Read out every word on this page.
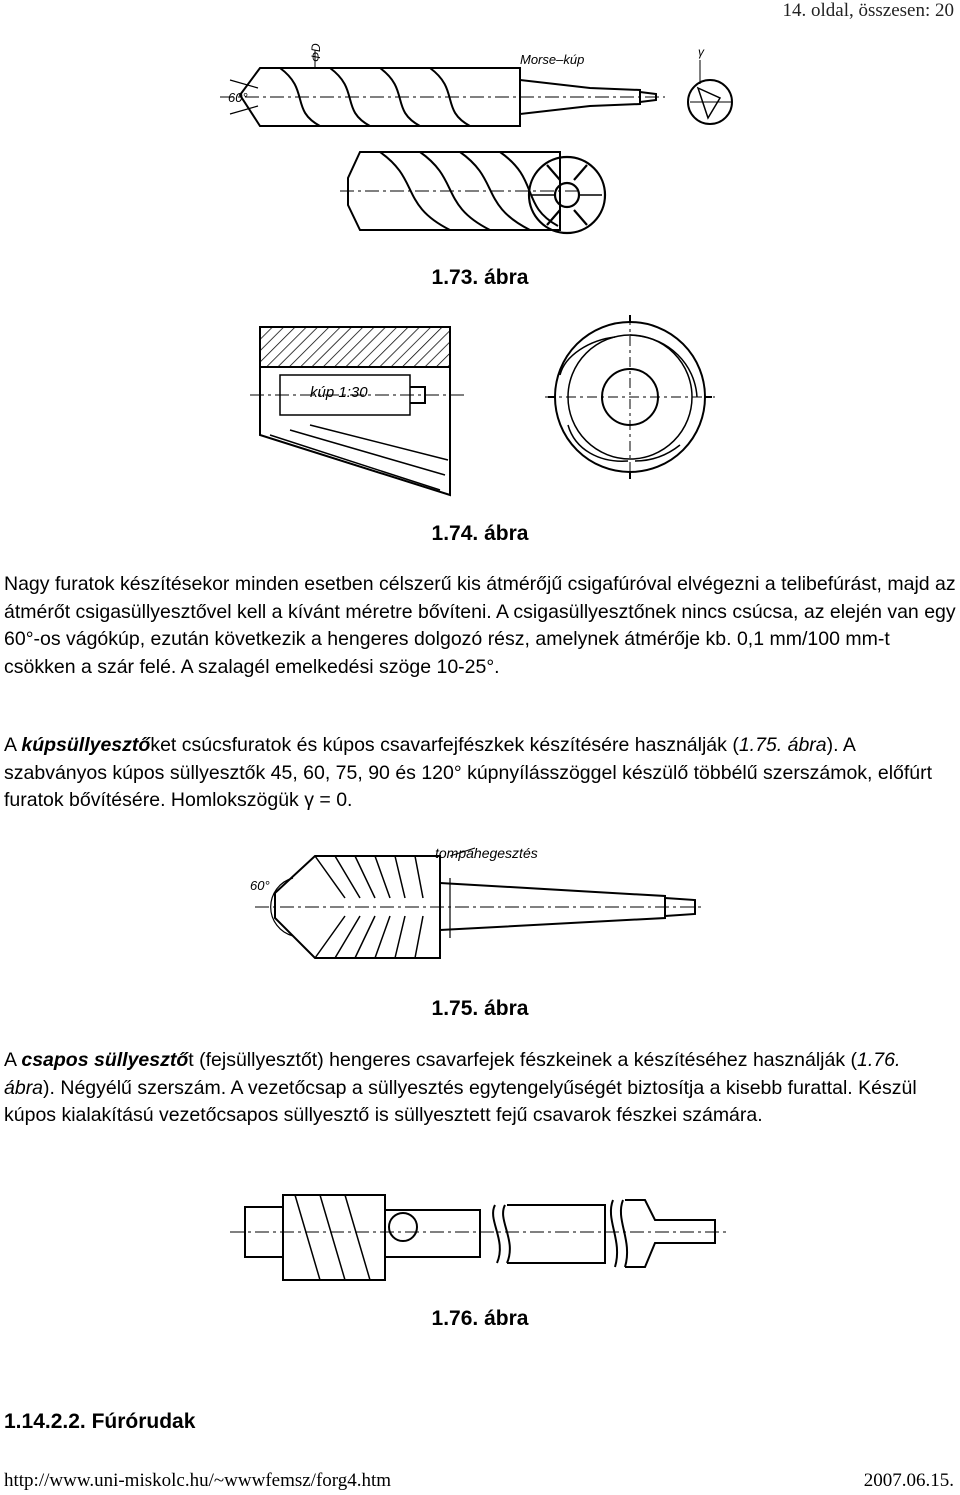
14. oldal, összesen: 20
60°
ΦD	Morse–kúp	γ
1.73. ábra
kúp 1:30
1.74. ábra

Nagy furatok készítésekor minden esetben célszerű kis átmérőjű csigafúróval elvégezni a telibefúrást, majd az átmérőt csigasüllyesztővel kell a kívánt méretre bővíteni. A csigasüllyesztőnek nincs csúcsa, az elején van egy 60°-os vágókúp, ezután következik a hengeres dolgozó rész, amelynek átmérője kb. 0,1 mm/100 mm-t csökken a szár felé. A szalagél emelkedési szöge 10-25°.

A kúpsüllyesztőket csúcsfuratok és kúpos csavarfejfészkek készítésére használják (1.75. ábra). A szabványos kúpos süllyesztők 45, 60, 75, 90 és 120° kúpnyílásszöggel készülő többélű szerszámok, előfúrt furatok bővítésére. Homlokszögük γ = 0.

60°
tompahegesztés
1.75. ábra

A csapos süllyesztőt (fejsüllyesztőt) hengeres csavarfejek fészkeinek a készítéséhez használják (1.76. ábra). Négyélű szerszám. A vezetőcsap a süllyesztés egytengelyűségét biztosítja a kisebb furattal. Készül kúpos kialakítású vezetőcsapos süllyesztő is süllyesztett fejű csavarok fészkei számára.

1.76. ábra
1.14.2.2. Fúrórudak
http://www.uni-miskolc.hu/~wwwfemsz/forg4.htm	2007.06.15.
